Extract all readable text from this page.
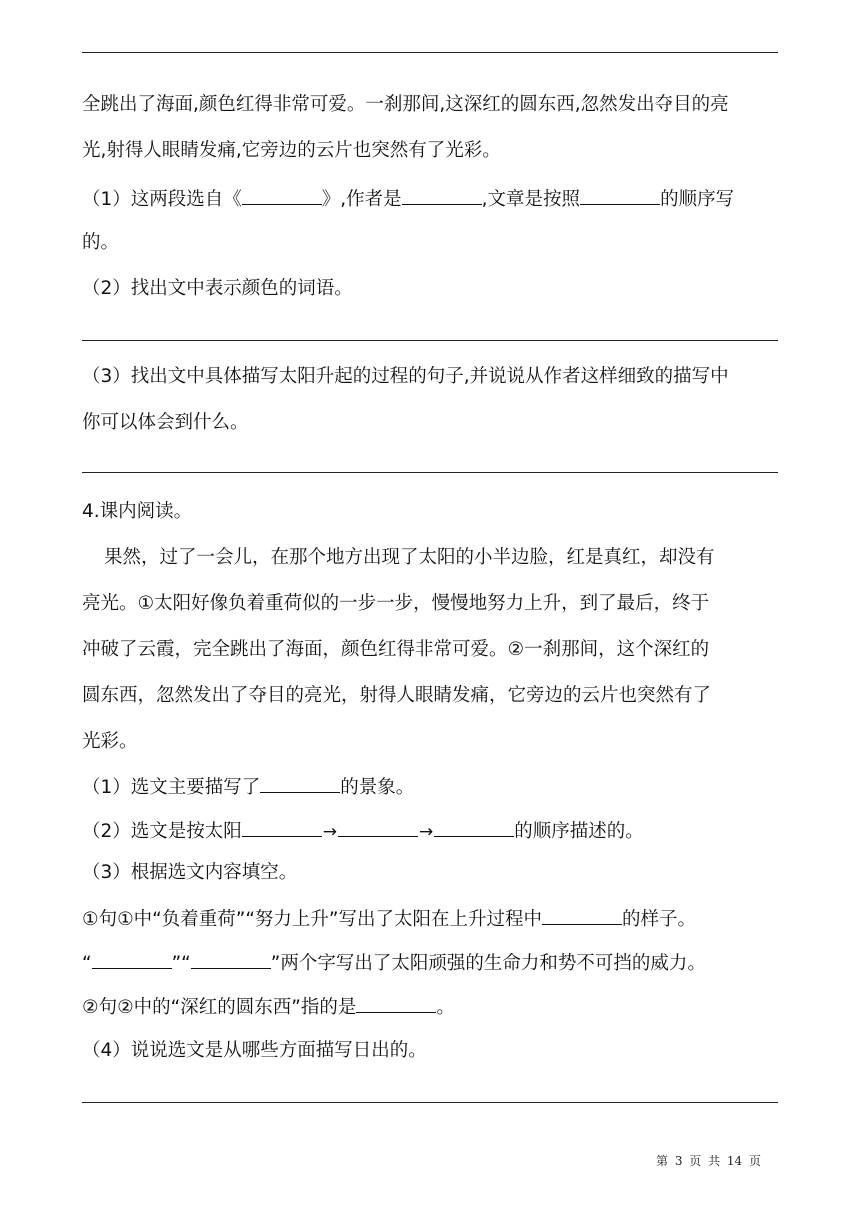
全跳出了海面,颜色红得非常可爱。一刹那间,这深红的圆东西,忽然发出夺目的亮
光,射得人眼睛发痛,它旁边的云片也突然有了光彩。
（1）这两段选自《	》,作者是	,文章是按照	的顺序写
的。
（2）找出文中表示颜色的词语。
（3）找出文中具体描写太阳升起的过程的句子,并说说从作者这样细致的描写中
你可以体会到什么。
4.课内阅读。
果然，过了一会儿，在那个地方出现了太阳的小半边脸，红是真红，却没有
亮光。①太阳好像负着重荷似的一步一步，慢慢地努力上升，到了最后，终于
冲破了云霞，完全跳出了海面，颜色红得非常可爱。②一刹那间，这个深红的
圆东西，忽然发出了夺目的亮光，射得人眼睛发痛，它旁边的云片也突然有了
光彩。
（1）选文主要描写了	的景象。
（2）选文是按太阳	→	→	的顺序描述的。
（3）根据选文内容填空。
①句①中“负着重荷”“努力上升”写出了太阳在上升过程中	的样子。
“	”“	”两个字写出了太阳顽强的生命力和势不可挡的威力。
②句②中的“深红的圆东西”指的是	。
（4）说说选文是从哪些方面描写日出的。
第 3 页 共 14 页
